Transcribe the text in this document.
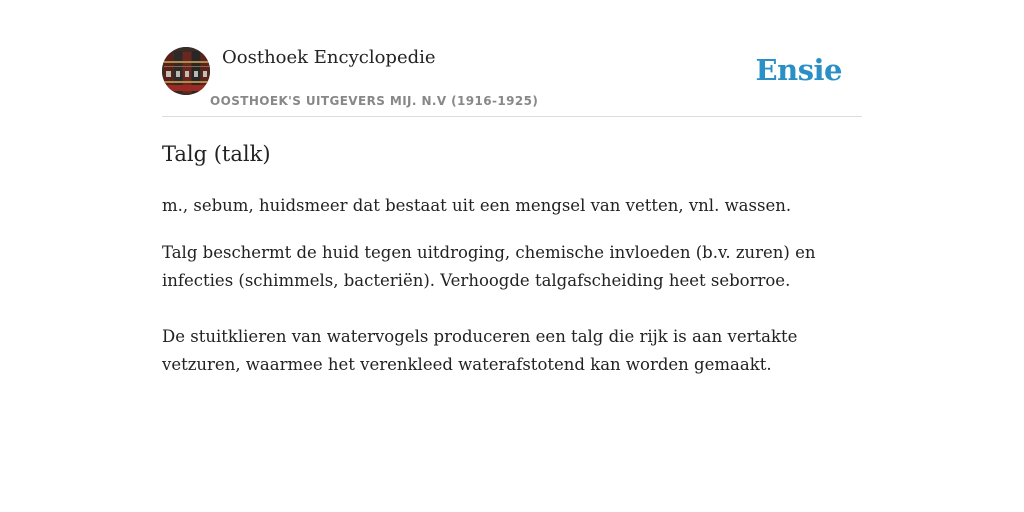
Oosthoek Encyclopedie
OOSTHOEK'S UITGEVERS MIJ. N.V (1916-1925)
Ensie
Talg (talk)

m., sebum, huidsmeer dat bestaat uit een mengsel van vetten, vnl. wassen.

Talg beschermt de huid tegen uitdroging, chemische invloeden (b.v. zuren) en infecties (schimmels, bacteriën). Verhoogde talgafscheiding heet seborroe.

De stuitklieren van watervogels produceren een talg die rijk is aan vertakte vetzuren, waarmee het verenkleed waterafstotend kan worden gemaakt.
